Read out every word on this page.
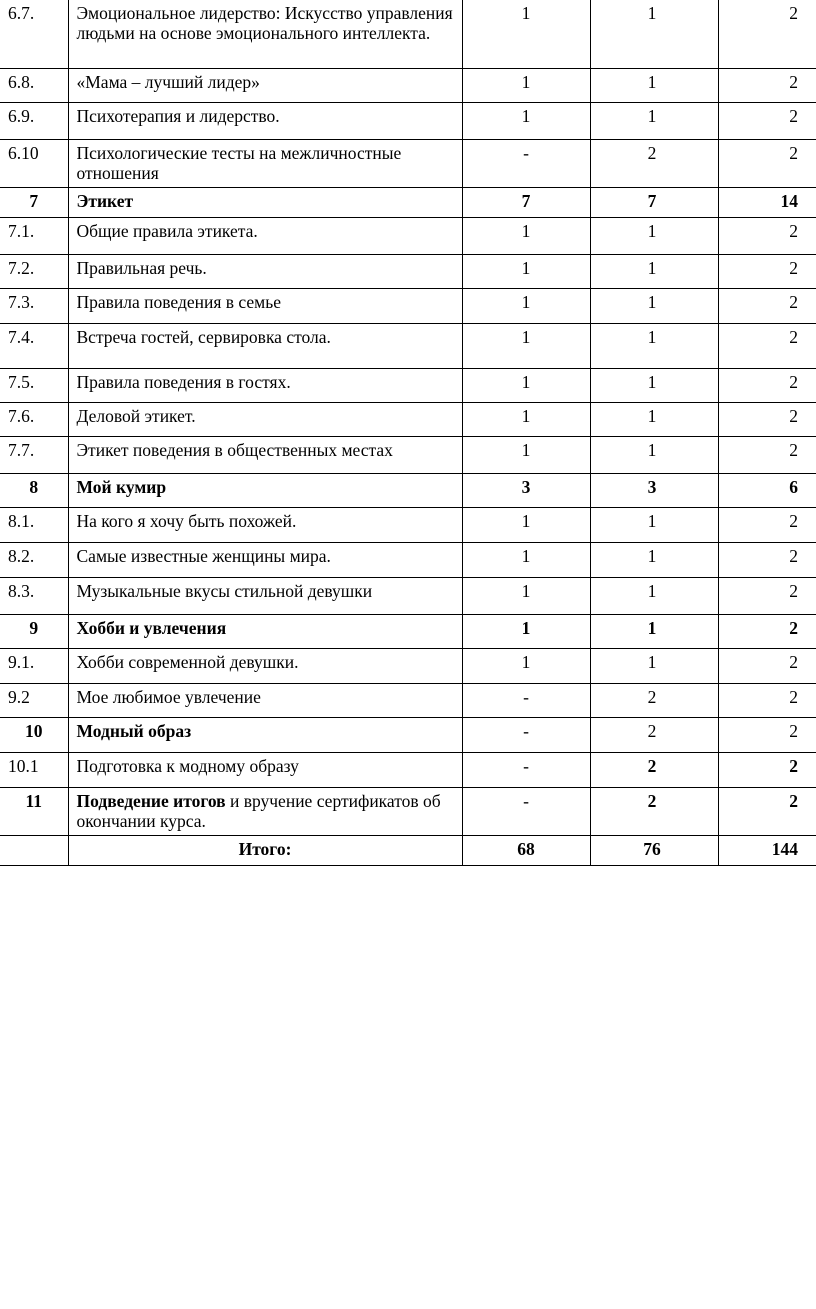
6.7.	Эмоциональное лидерство: Искусство управления людьми на основе эмоционального интеллекта.	1	1	2
6.8.	«Мама – лучший лидер»	1	1	2
6.9.	Психотерапия и лидерство.	1	1	2
6.10	Психологические тесты на межличностные отношения	-	2	2
7	Этикет	7	7	14
7.1.	Общие правила этикета.	1	1	2
7.2.	Правильная речь.	1	1	2
7.3.	Правила поведения в семье	1	1	2
7.4.	Встреча гостей, сервировка стола.	1	1	2
7.5.	Правила поведения в гостях.	1	1	2
7.6.	Деловой этикет.	1	1	2
7.7.	Этикет поведения в общественных местах	1	1	2
8	Мой кумир	3	3	6
8.1.	На кого я хочу быть похожей.	1	1	2
8.2.	Самые известные женщины мира.	1	1	2
8.3.	Музыкальные вкусы стильной девушки	1	1	2
9	Хобби и увлечения	1	1	2
9.1.	Хобби современной девушки.	1	1	2
9.2	Мое любимое увлечение	-	2	2
10	Модный образ	-	2	2
10.1	Подготовка к модному образу	-	2	2
11	Подведение итогов и вручение сертификатов об окончании курса.	-	2	2
	Итого:	68	76	144
